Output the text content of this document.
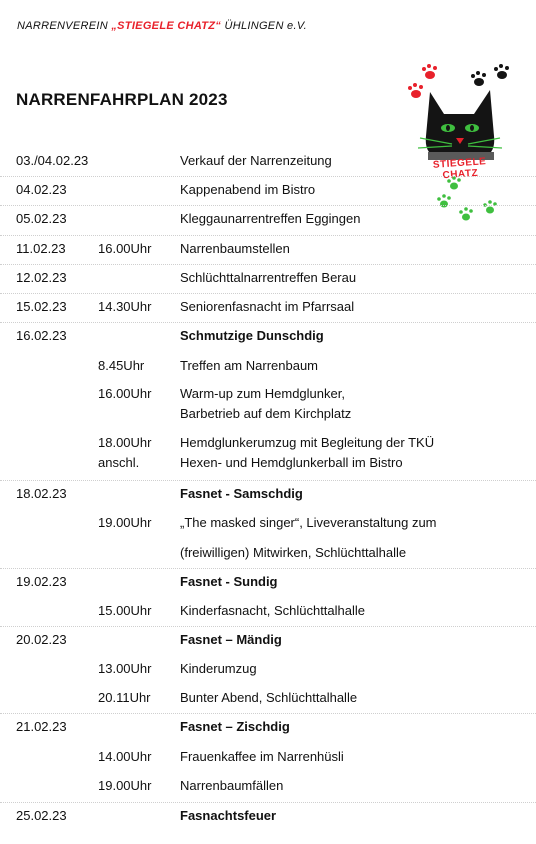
NARRENVEREIN „STIEGELE CHATZ“ ÜHLINGEN e.V.
NARRENFAHRPLAN 2023
STIEGELE CHATZ
03./04.02.23	Verkauf der Narrenzeitung
04.02.23	Kappenabend im Bistro
05.02.23	Kleggaunarrentreffen Eggingen
11.02.23 16.00Uhr Narrenbaumstellen
12.02.23	Schlüchttalnarrentreffen Berau
15.02.23 14.30Uhr Seniorenfasnacht im Pfarrsaal
16.02.23	Schmutzige Dunschdig
8.45Uhr	Treffen am Narrenbaum
16.00Uhr Warm-up zum Hemdglunker,
Barbetrieb auf dem Kirchplatz
18.00Uhr Hemdglunkerumzug mit Begleitung der TKÜ
anschl.	Hexen- und Hemdglunkerball im Bistro
18.02.23	Fasnet - Samschdig
19.00Uhr „The masked singer“, Liveveranstaltung zum
(freiwilligen) Mitwirken, Schlüchttalhalle
19.02.23	Fasnet - Sundig
15.00Uhr Kinderfasnacht, Schlüchttalhalle
20.02.23	Fasnet – Mändig
13.00Uhr Kinderumzug
20.11Uhr Bunter Abend, Schlüchttalhalle
21.02.23	Fasnet – Zischdig
14.00Uhr Frauenkaffee im Narrenhüsli
19.00Uhr Narrenbaumfällen
25.02.23	Fasnachtsfeuer
